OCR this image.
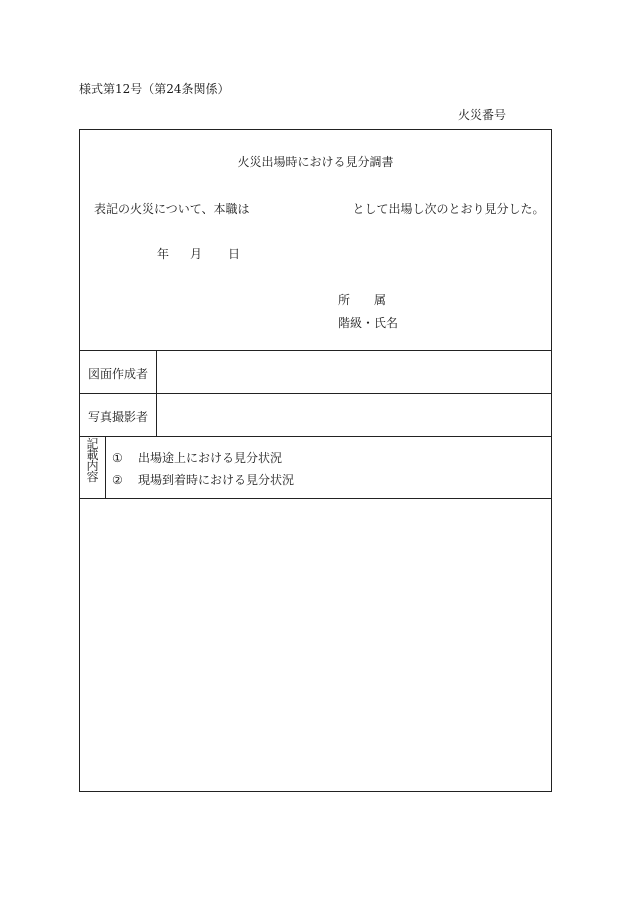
様式第12号（第24条関係）
火災番号
火災出場時における見分調書
表記の火災について、本職は	として出場し次のとおり見分した。
年 月 日
所 属
階級・氏名
図面作成者
写真撮影者
記
載
内
容
① 出場途上における見分状況
② 現場到着時における見分状況
